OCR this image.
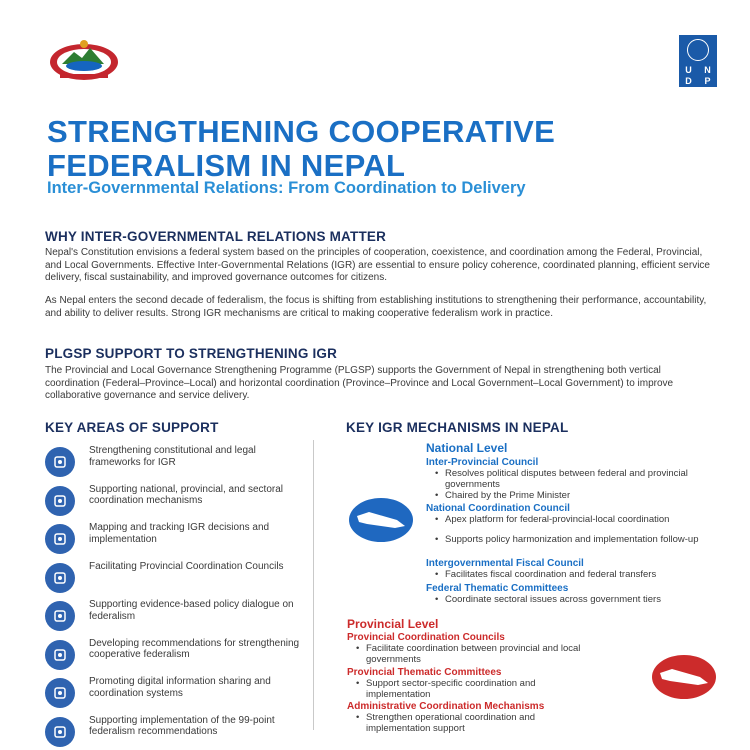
U	N
D	P
STRENGTHENING COOPERATIVE
FEDERALISM IN NEPAL
Inter-Governmental Relations: From Coordination to Delivery
WHY INTER-GOVERNMENTAL RELATIONS MATTER
Nepal's Constitution envisions a federal system based on the principles of cooperation, coexistence, and coordination among the Federal, Provincial, and Local Governments. Effective Inter-Governmental Relations (IGR) are essential to ensure policy coherence, coordinated planning, efficient service delivery, fiscal sustainability, and improved governance outcomes for citizens.
As Nepal enters the second decade of federalism, the focus is shifting from establishing institutions to strengthening their performance, accountability, and ability to deliver results. Strong IGR mechanisms are critical to making cooperative federalism work in practice.
PLGSP SUPPORT TO STRENGTHENING IGR
The Provincial and Local Governance Strengthening Programme (PLGSP) supports the Government of Nepal in strengthening both vertical coordination (Federal–Province–Local) and horizontal coordination (Province–Province and Local Government–Local Government) to improve collaborative governance and service delivery.
KEY AREAS OF SUPPORT
Strengthening constitutional and legal frameworks for IGR
Supporting national, provincial, and sectoral coordination mechanisms
Mapping and tracking IGR decisions and implementation
Facilitating Provincial Coordination Councils
Supporting evidence-based policy dialogue on federalism
Developing recommendations for strengthening cooperative federalism
Promoting digital information sharing and coordination systems
Supporting implementation of the 99-point federalism recommendations
KEY IGR MECHANISMS IN NEPAL
National Level
Inter-Provincial Council
• Resolves political disputes between federal and provincial governments
• Chaired by the Prime Minister
National Coordination Council
• Apex platform for federal-provincial-local coordination
• Supports policy harmonization and implementation follow-up
Intergovernmental Fiscal Council
• Facilitates fiscal coordination and federal transfers
Federal Thematic Committees
• Coordinate sectoral issues across government tiers
Provincial Level
Provincial Coordination Councils
• Facilitate coordination between provincial and local governments
Provincial Thematic Committees
• Support sector-specific coordination and implementation
Administrative Coordination Mechanisms
• Strengthen operational coordination and implementation support
